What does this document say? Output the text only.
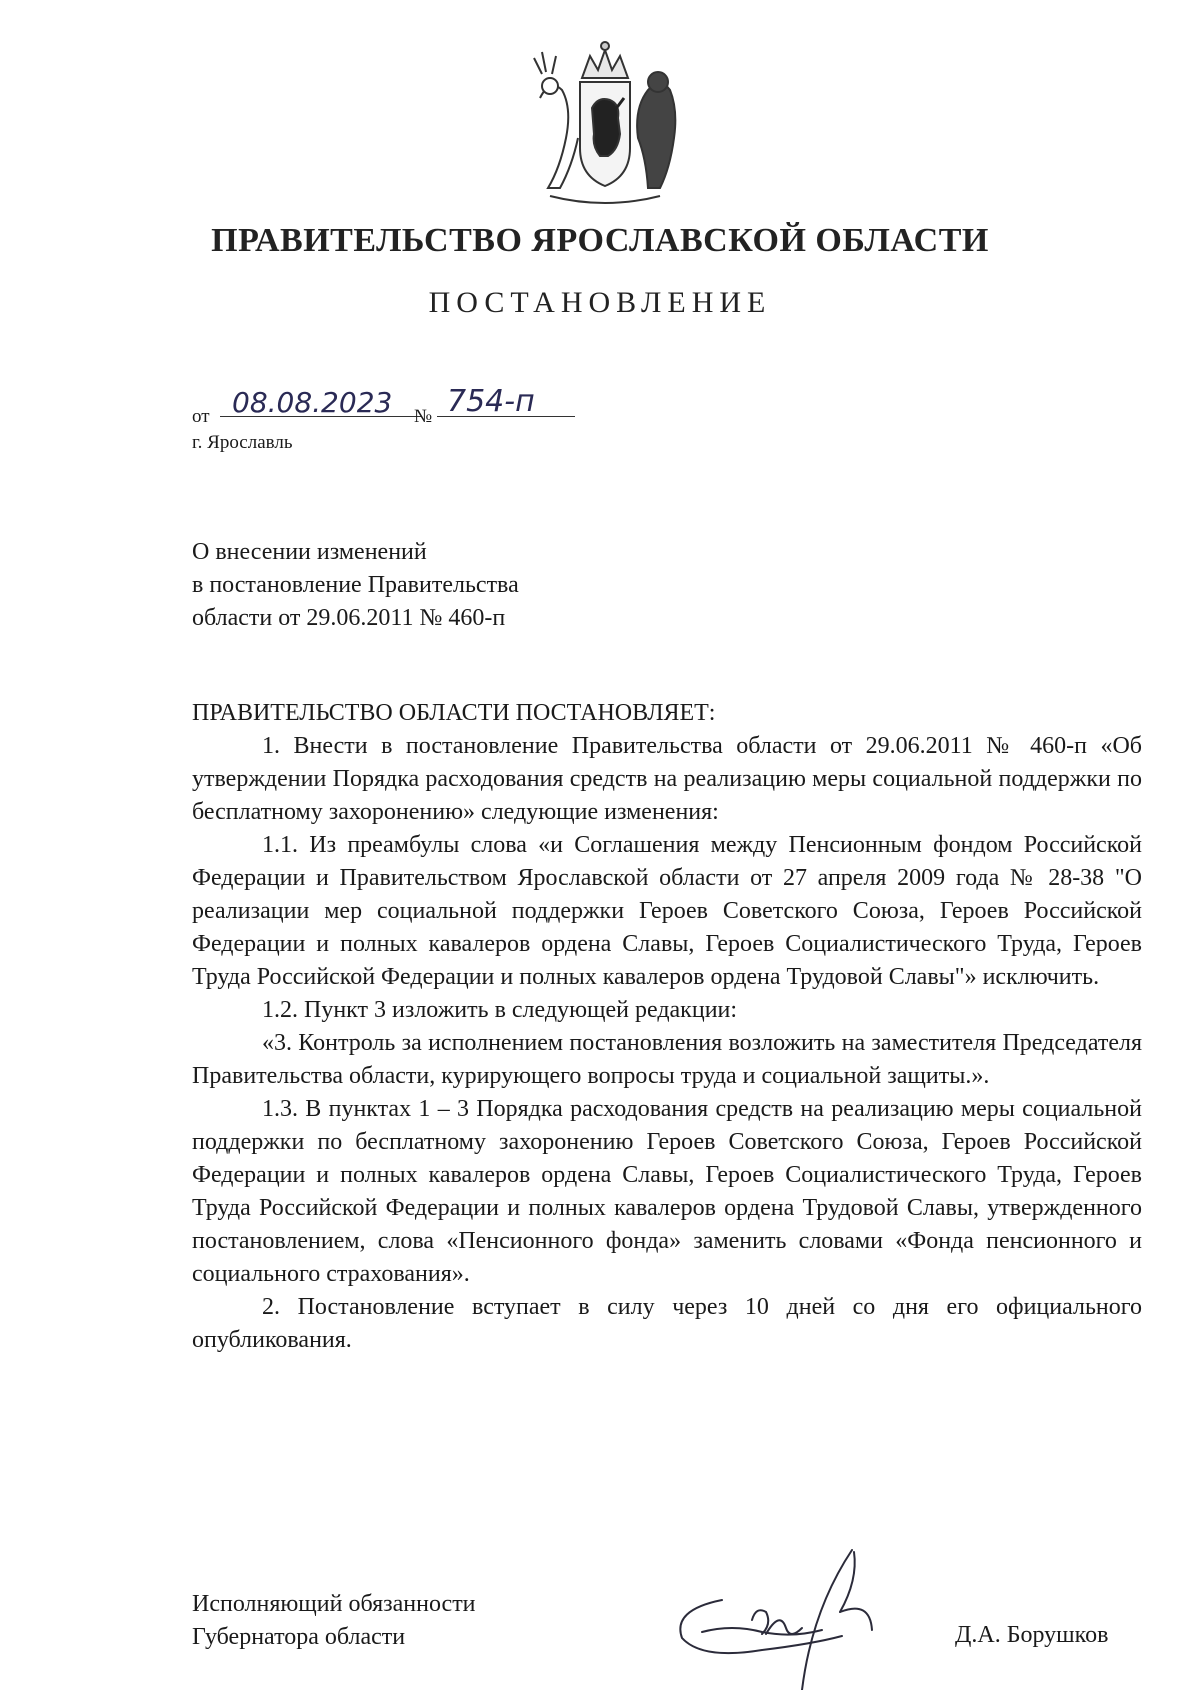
ПРАВИТЕЛЬСТВО ЯРОСЛАВСКОЙ ОБЛАСТИ
ПОСТАНОВЛЕНИЕ
от 08.08.2023	№ 754-п
г. Ярославль
О внесении изменений
в постановление Правительства
области от 29.06.2011 № 460-п
ПРАВИТЕЛЬСТВО ОБЛАСТИ ПОСТАНОВЛЯЕТ:

1. Внести в постановление Правительства области от 29.06.2011 № 460-п «Об утверждении Порядка расходования средств на реализацию меры социальной поддержки по бесплатному захоронению» следующие изменения:

1.1. Из преамбулы слова «и Соглашения между Пенсионным фондом Российской Федерации и Правительством Ярославской области от 27 апреля 2009 года № 28-38 "О реализации мер социальной поддержки Героев Советского Союза, Героев Российской Федерации и полных кавалеров ордена Славы, Героев Социалистического Труда, Героев Труда Российской Федерации и полных кавалеров ордена Трудовой Славы"» исключить.

1.2. Пункт 3 изложить в следующей редакции:

«3. Контроль за исполнением постановления возложить на заместителя Председателя Правительства области, курирующего вопросы труда и социальной защиты.».

1.3. В пунктах 1 – 3 Порядка расходования средств на реализацию меры социальной поддержки по бесплатному захоронению Героев Советского Союза, Героев Российской Федерации и полных кавалеров ордена Славы, Героев Социалистического Труда, Героев Труда Российской Федерации и полных кавалеров ордена Трудовой Славы, утвержденного постановлением, слова «Пенсионного фонда» заменить словами «Фонда пенсионного и социального страхования».

2. Постановление вступает в силу через 10 дней со дня его официального опубликования.

Исполняющий обязанности
Губернатора области	Д.А. Борушков
